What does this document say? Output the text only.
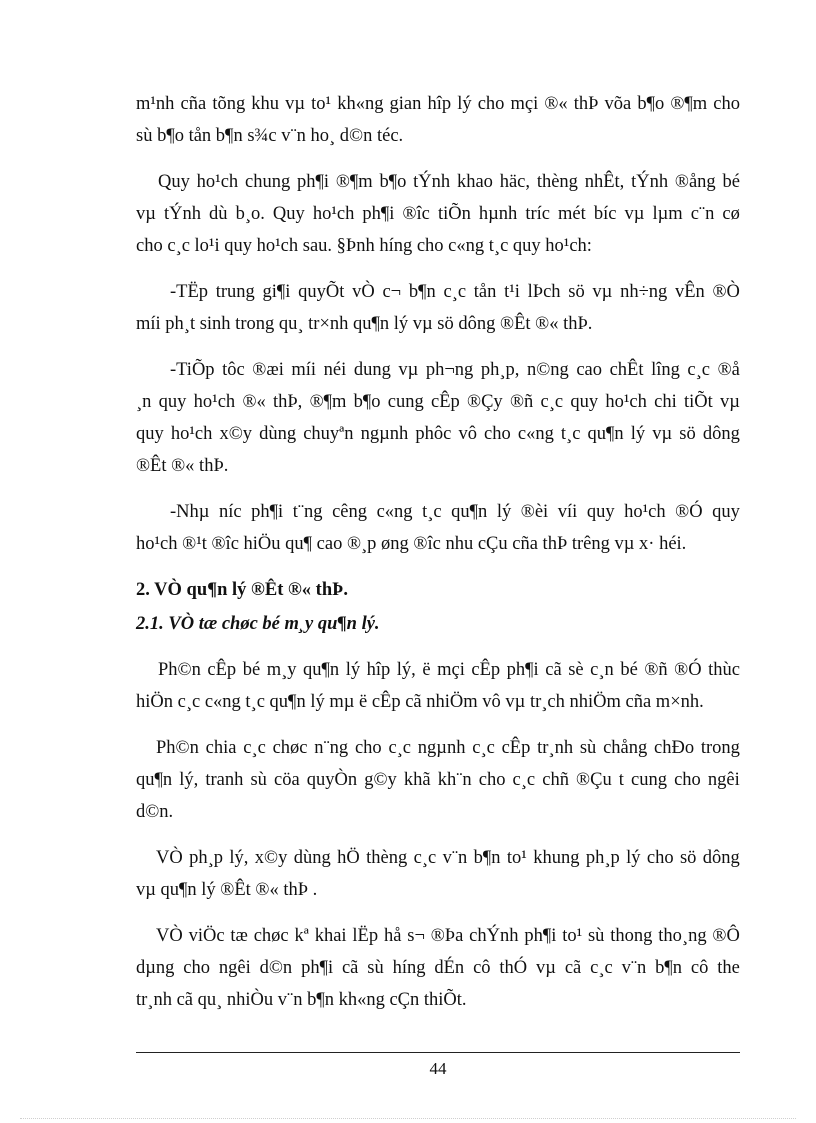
m¹nh cña tõng khu vµ to¹ kh«ng gian hîp lý cho mçi ®« thÞ võa b¶o ®¶m cho
sù b¶o tån b¶n s¾c v¨n ho¸ d©n téc.
Quy ho¹ch chung ph¶i ®¶m b¶o tÝnh khao häc, thèng nhÊt, tÝnh ®ång bé
vµ tÝnh dù b¸o. Quy ho¹ch ph¶i ®îc tiÕn hµnh tríc mét bíc vµ lµm c¨n cø
cho c¸c lo¹i quy ho¹ch sau. §Þnh híng cho c«ng t¸c quy ho¹ch:
-TËp trung gi¶i quyÕt vÒ c¬ b¶n c¸c tån t¹i lÞch sö vµ nh÷ng vÊn ®Ò
míi ph¸t sinh trong qu¸ tr×nh qu¶n lý vµ sö dông ®Êt ®« thÞ.
-TiÕp tôc ®æi míi néi dung vµ ph¬ng ph¸p, n©ng cao chÊt lîng c¸c ®å
¸n quy ho¹ch ®« thÞ, ®¶m b¶o cung cÊp ®Çy ®ñ c¸c quy ho¹ch chi tiÕt vµ
quy ho¹ch x©y dùng chuyªn ngµnh phôc vô cho c«ng t¸c qu¶n lý vµ sö dông
®Êt ®« thÞ.
-Nhµ níc ph¶i t¨ng cêng c«ng t¸c qu¶n lý ®èi víi quy ho¹ch ®Ó quy
ho¹ch ®¹t ®îc hiÖu qu¶ cao ®¸p øng ®îc nhu cÇu cña thÞ trêng vµ x· héi.
2. VÒ qu¶n lý ®Êt ®« thÞ.
2.1. VÒ tæ chøc bé m¸y qu¶n lý.
Ph©n cÊp bé m¸y qu¶n lý hîp lý, ë mçi cÊp ph¶i cã sè c¸n bé ®ñ ®Ó thùc
hiÖn c¸c c«ng t¸c qu¶n lý mµ ë cÊp cã nhiÖm vô vµ tr¸ch nhiÖm cña m×nh.
Ph©n chia c¸c chøc n¨ng cho c¸c ngµnh c¸c cÊp tr¸nh sù chång chÐo trong
qu¶n lý, tranh sù cöa quyÒn g©y khã kh¨n cho c¸c chñ ®Çu t cung cho ngêi
d©n.
VÒ ph¸p lý, x©y dùng hÖ thèng c¸c v¨n b¶n to¹ khung ph¸p lý cho sö dông
vµ qu¶n lý ®Êt ®« thÞ .
VÒ viÖc tæ chøc kª khai lËp hå s¬ ®Þa chÝnh ph¶i to¹ sù thong tho¸ng ®Ô
dµng cho ngêi d©n ph¶i cã sù híng dÉn cô thÓ vµ cã c¸c v¨n b¶n cô the
tr¸nh cã qu¸ nhiÒu v¨n b¶n kh«ng cÇn thiÕt.
44
